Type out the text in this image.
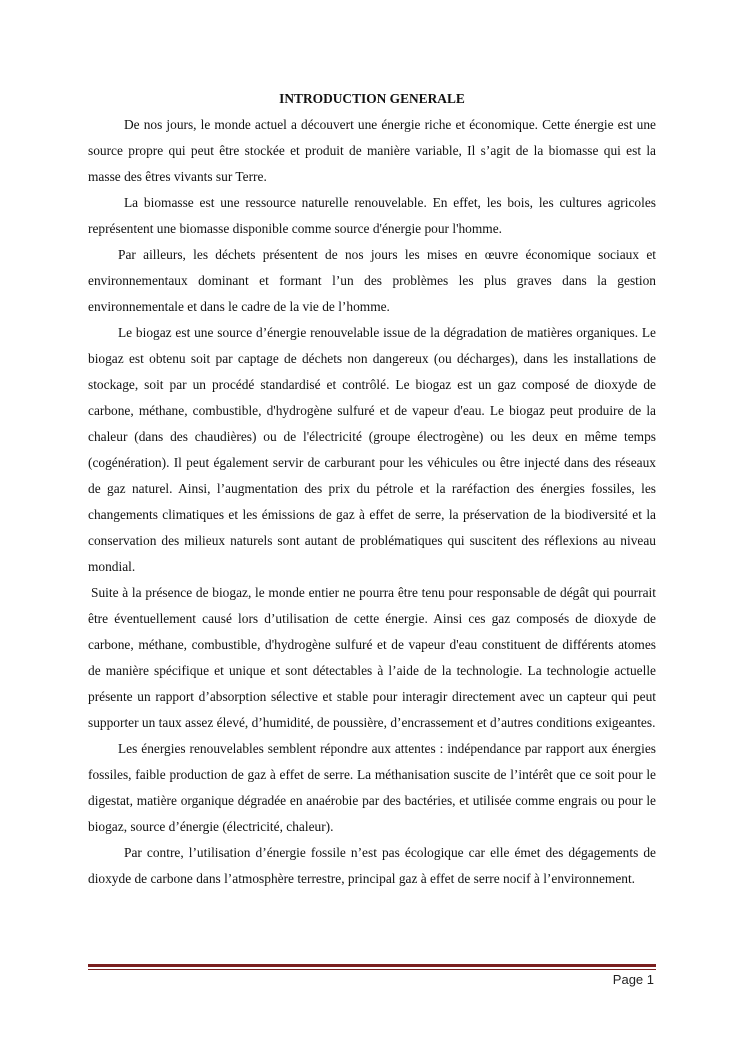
INTRODUCTION GENERALE

De nos jours, le monde actuel a découvert une énergie riche et économique. Cette énergie est une source propre qui peut être stockée et produit de manière variable, Il s’agit de la biomasse qui est la masse des êtres vivants sur Terre.

La biomasse est une ressource naturelle renouvelable. En effet, les bois, les cultures agricoles représentent une biomasse disponible comme source d'énergie pour l'homme.

Par ailleurs, les déchets présentent de nos jours les mises en œuvre économique sociaux et environnementaux dominant et formant l’un des problèmes les plus graves dans la gestion environnementale et dans le cadre de la vie de l’homme.

Le biogaz est une source d’énergie renouvelable issue de la dégradation de matières organiques. Le biogaz est obtenu soit par captage de déchets non dangereux (ou décharges), dans les installations de stockage, soit par un procédé standardisé et contrôlé. Le biogaz est un gaz composé de dioxyde de carbone, méthane, combustible, d'hydrogène sulfuré et de vapeur d'eau. Le biogaz peut produire de la chaleur (dans des chaudières) ou de l'électricité (groupe électrogène) ou les deux en même temps (cogénération). Il peut également servir de carburant pour les véhicules ou être injecté dans des réseaux de gaz naturel. Ainsi, l’augmentation des prix du pétrole et la raréfaction des énergies fossiles, les changements climatiques et les émissions de gaz à effet de serre, la préservation de la biodiversité et la conservation des milieux naturels sont autant de problématiques qui suscitent des réflexions au niveau mondial.

Suite à la présence de biogaz, le monde entier ne pourra être tenu pour responsable de dégât qui pourrait être éventuellement causé lors d’utilisation de cette énergie. Ainsi ces gaz composés de dioxyde de carbone, méthane, combustible, d'hydrogène sulfuré et de vapeur d'eau constituent de différents atomes de manière spécifique et unique et sont détectables à l’aide de la technologie. La technologie actuelle présente un rapport d’absorption sélective et stable pour interagir directement avec un capteur qui peut supporter un taux assez élevé, d’humidité, de poussière, d’encrassement et d’autres conditions exigeantes.

Les énergies renouvelables semblent répondre aux attentes : indépendance par rapport aux énergies fossiles, faible production de gaz à effet de serre. La méthanisation suscite de l’intérêt que ce soit pour le digestat, matière organique dégradée en anaérobie par des bactéries, et utilisée comme engrais ou pour le biogaz, source d’énergie (électricité, chaleur).

Par contre, l’utilisation d’énergie fossile n’est pas écologique car elle émet des dégagements de dioxyde de carbone dans l’atmosphère terrestre, principal gaz à effet de serre nocif à l’environnement.

Page 1
